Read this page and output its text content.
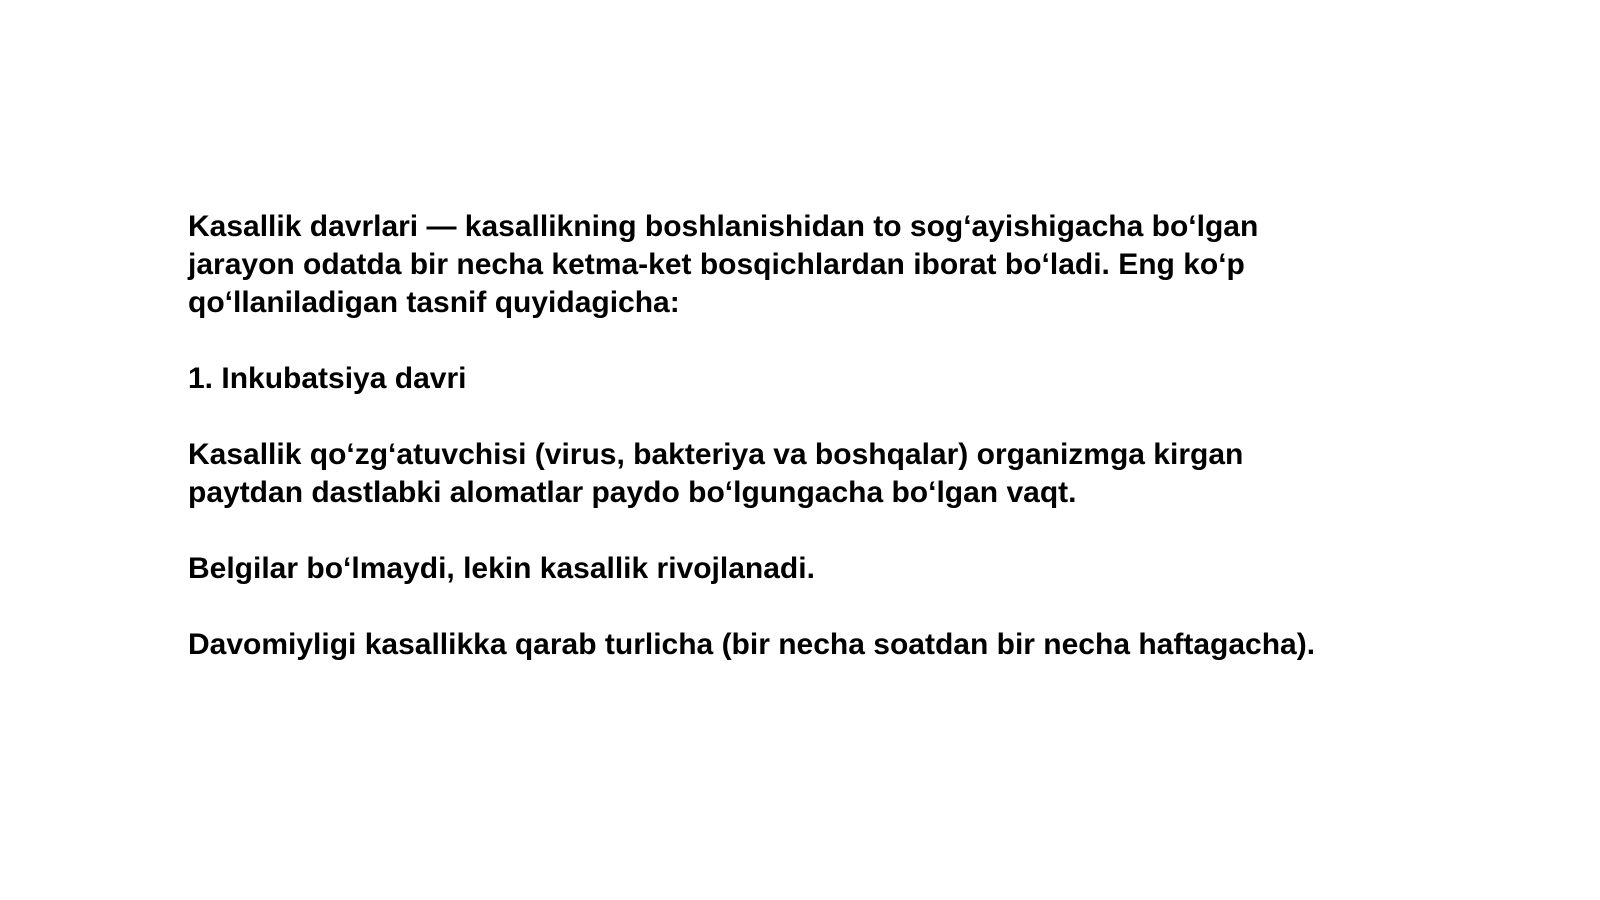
Kasallik davrlari — kasallikning boshlanishidan to sogʻayishigacha boʻlgan jarayon odatda bir necha ketma-ket bosqichlardan iborat boʻladi. Eng koʻp qoʻllaniladigan tasnif quyidagicha:

1. Inkubatsiya davri

Kasallik qoʻzgʻatuvchisi (virus, bakteriya va boshqalar) organizmga kirgan paytdan dastlabki alomatlar paydo boʻlgungacha boʻlgan vaqt.

Belgilar boʻlmaydi, lekin kasallik rivojlanadi.

Davomiyligi kasallikka qarab turlicha (bir necha soatdan bir necha haftagacha).
